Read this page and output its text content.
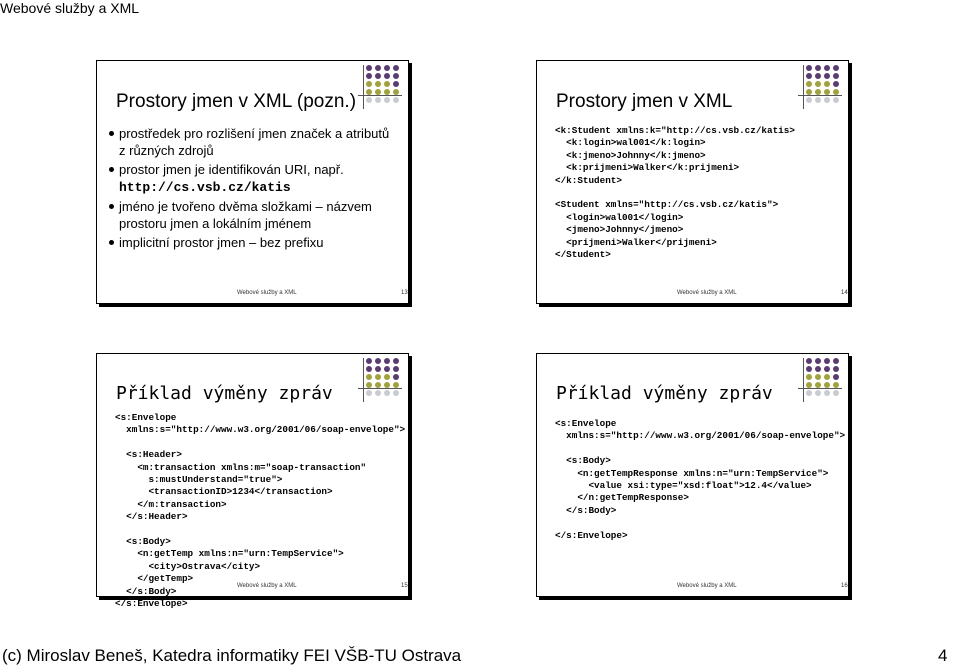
Webové služby a XML
Prostory jmen v XML (pozn.)
prostředek pro rozlišení jmen značek a atributů z různých zdrojů
prostor jmen je identifikován URI, např.
http://cs.vsb.cz/katis
jméno je tvořeno dvěma složkami – názvem prostoru jmen a lokálním jménem
implicitní prostor jmen – bez prefixu
Webové služby a XML	13
Prostory jmen v XML
<k:Student xmlns:k="http://cs.vsb.cz/katis>
<k:login>wal001</k:login>
<k:jmeno>Johnny</k:jmeno>
<k:prijmeni>Walker</k:prijmeni>
</k:Student>

<Student xmlns="http://cs.vsb.cz/katis">
<login>wal001</login>
<jmeno>Johnny</jmeno>
<prijmeni>Walker</prijmeni>
</Student>
Webové služby a XML	14
Příklad výměny zpráv
<s:Envelope
xmlns:s="http://www.w3.org/2001/06/soap-envelope">

<s:Header>
<m:transaction xmlns:m="soap-transaction"
s:mustUnderstand="true">
<transactionID>1234</transaction>
</m:transaction>
</s:Header>

<s:Body>
<n:getTemp xmlns:n="urn:TempService">
<city>Ostrava</city>
</getTemp>
</s:Body>
</s:Envelope>
Webové služby a XML	15
Příklad výměny zpráv
<s:Envelope
xmlns:s="http://www.w3.org/2001/06/soap-envelope">

<s:Body>
<n:getTempResponse xmlns:n="urn:TempService">
<value xsi:type="xsd:float">12.4</value>
</n:getTempResponse>
</s:Body>

</s:Envelope>
Webové služby a XML	16
(c) Miroslav Beneš, Katedra informatiky FEI VŠB-TU Ostrava	4
